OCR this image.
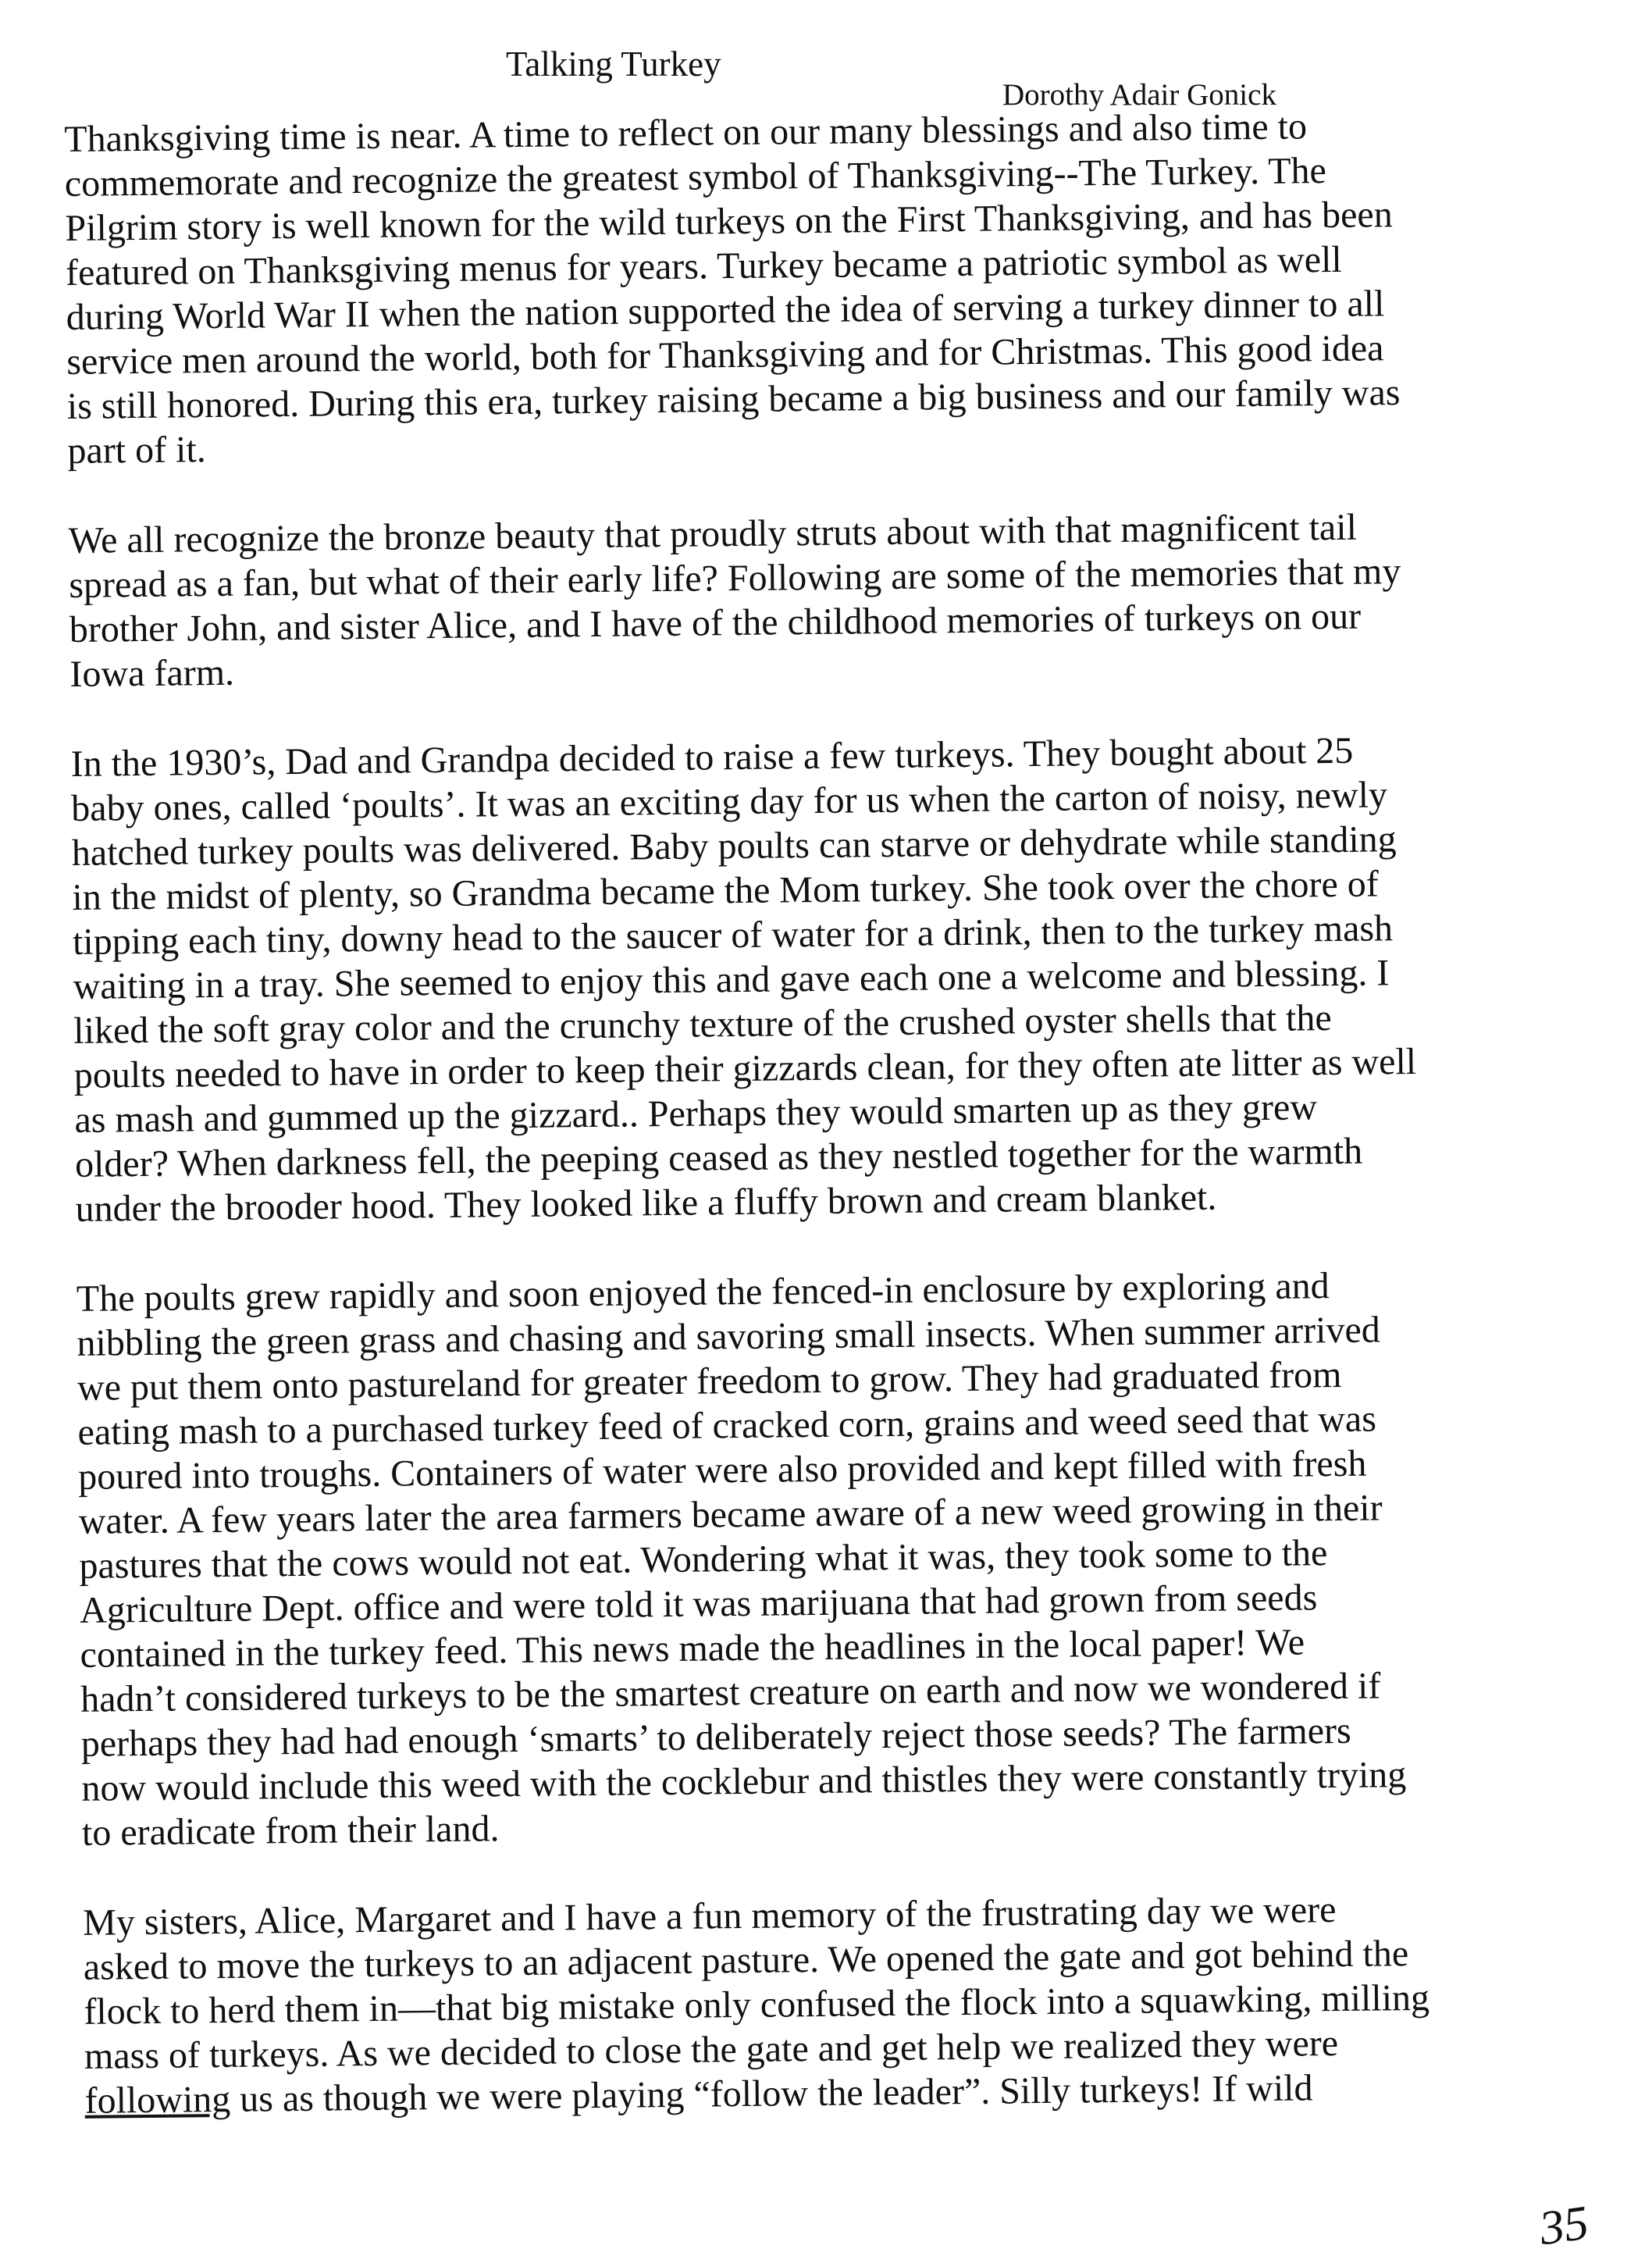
Talking Turkey
Dorothy Adair Gonick
Thanksgiving time is near. A time to reflect on our many blessings and also time to
commemorate and recognize the greatest symbol of Thanksgiving--The Turkey. The
Pilgrim story is well known for the wild turkeys on the First Thanksgiving, and has been
featured on Thanksgiving menus for years. Turkey became a patriotic symbol as well
during World War II when the nation supported the idea of serving a turkey dinner to all
service men around the world, both for Thanksgiving and for Christmas. This good idea
is still honored. During this era, turkey raising became a big business and our family was
part of it.
We all recognize the bronze beauty that proudly struts about with that magnificent tail
spread as a fan, but what of their early life? Following are some of the memories that my
brother John, and sister Alice, and I have of the childhood memories of turkeys on our
Iowa farm.
In the 1930’s, Dad and Grandpa decided to raise a few turkeys. They bought about 25
baby ones, called ‘poults’. It was an exciting day for us when the carton of noisy, newly
hatched turkey poults was delivered. Baby poults can starve or dehydrate while standing
in the midst of plenty, so Grandma became the Mom turkey. She took over the chore of
tipping each tiny, downy head to the saucer of water for a drink, then to the turkey mash
waiting in a tray. She seemed to enjoy this and gave each one a welcome and blessing. I
liked the soft gray color and the crunchy texture of the crushed oyster shells that the
poults needed to have in order to keep their gizzards clean, for they often ate litter as well
as mash and gummed up the gizzard.. Perhaps they would smarten up as they grew
older? When darkness fell, the peeping ceased as they nestled together for the warmth
under the brooder hood. They looked like a fluffy brown and cream blanket.
The poults grew rapidly and soon enjoyed the fenced-in enclosure by exploring and
nibbling the green grass and chasing and savoring small insects. When summer arrived
we put them onto pastureland for greater freedom to grow. They had graduated from
eating mash to a purchased turkey feed of cracked corn, grains and weed seed that was
poured into troughs. Containers of water were also provided and kept filled with fresh
water. A few years later the area farmers became aware of a new weed growing in their
pastures that the cows would not eat. Wondering what it was, they took some to the
Agriculture Dept. office and were told it was marijuana that had grown from seeds
contained in the turkey feed. This news made the headlines in the local paper! We
hadn’t considered turkeys to be the smartest creature on earth and now we wondered if
perhaps they had had enough ‘smarts’ to deliberately reject those seeds? The farmers
now would include this weed with the cocklebur and thistles they were constantly trying
to eradicate from their land.
My sisters, Alice, Margaret and I have a fun memory of the frustrating day we were
asked to move the turkeys to an adjacent pasture. We opened the gate and got behind the
flock to herd them in—that big mistake only confused the flock into a squawking, milling
mass of turkeys. As we decided to close the gate and get help we realized they were
following us as though we were playing “follow the leader”. Silly turkeys! If wild
35
